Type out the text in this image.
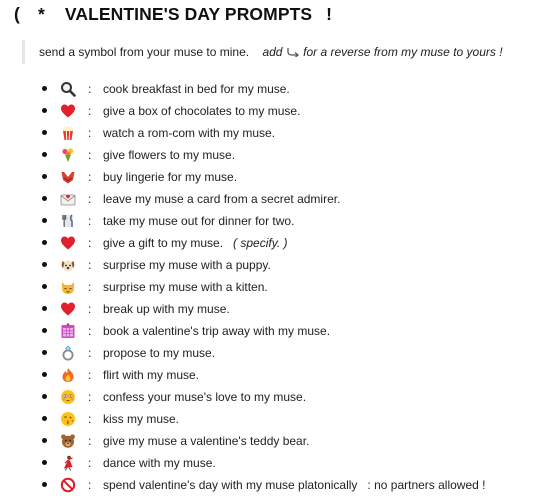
( * VALENTINE'S DAY PROMPTS !
send a symbol from your muse to mine. add for a reverse from my muse to yours !
: cook breakfast in bed for my muse.
: give a box of chocolates to my muse.
: watch a rom-com with my muse.
: give flowers to my muse.
: buy lingerie for my muse.
: leave my muse a card from a secret admirer.
: take my muse out for dinner for two.
: give a gift to my muse. ( specify. )
: surprise my muse with a puppy.
: surprise my muse with a kitten.
: break up with my muse.
: book a valentine's trip away with my muse.
: propose to my muse.
: flirt with my muse.
: confess your muse's love to my muse.
: kiss my muse.
: give my muse a valentine's teddy bear.
: dance with my muse.
: spend valentine's day with my muse platonically : no partners allowed !
